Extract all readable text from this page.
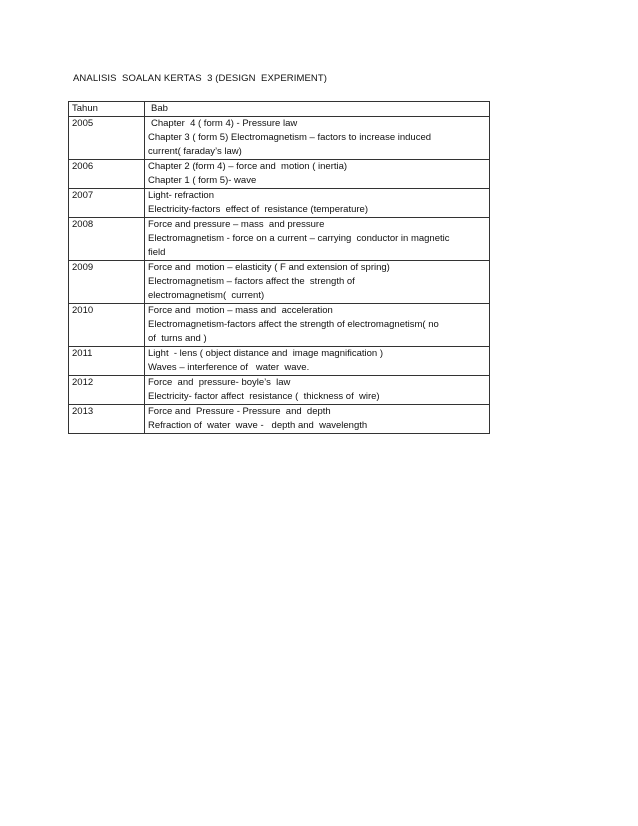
ANALISIS  SOALAN KERTAS  3 (DESIGN  EXPERIMENT)
Tahun	Bab

2005	Chapter  4 ( form 4) - Pressure law
Chapter 3 ( form 5) Electromagnetism – factors to increase induced
current( faraday’s law)

2006	Chapter 2 (form 4) – force and  motion ( inertia)
Chapter 1 ( form 5)- wave

2007	Light- refraction
Electricity-factors  effect of  resistance (temperature)

2008	Force and pressure – mass  and pressure
Electromagnetism - force on a current – carrying  conductor in magnetic
field

2009	Force and  motion – elasticity ( F and extension of spring)
Electromagnetism – factors affect the  strength of
electromagnetism(  current)

2010	Force and  motion – mass and  acceleration
Electromagnetism-factors affect the strength of electromagnetism( no
of  turns and )

2011	Light  - lens ( object distance and  image magnification )
Waves – interference of   water  wave.

2012	Force  and  pressure- boyle’s  law
Electricity- factor affect  resistance (  thickness of  wire)

2013	Force and  Pressure - Pressure  and  depth
Refraction of  water  wave -   depth and  wavelength
